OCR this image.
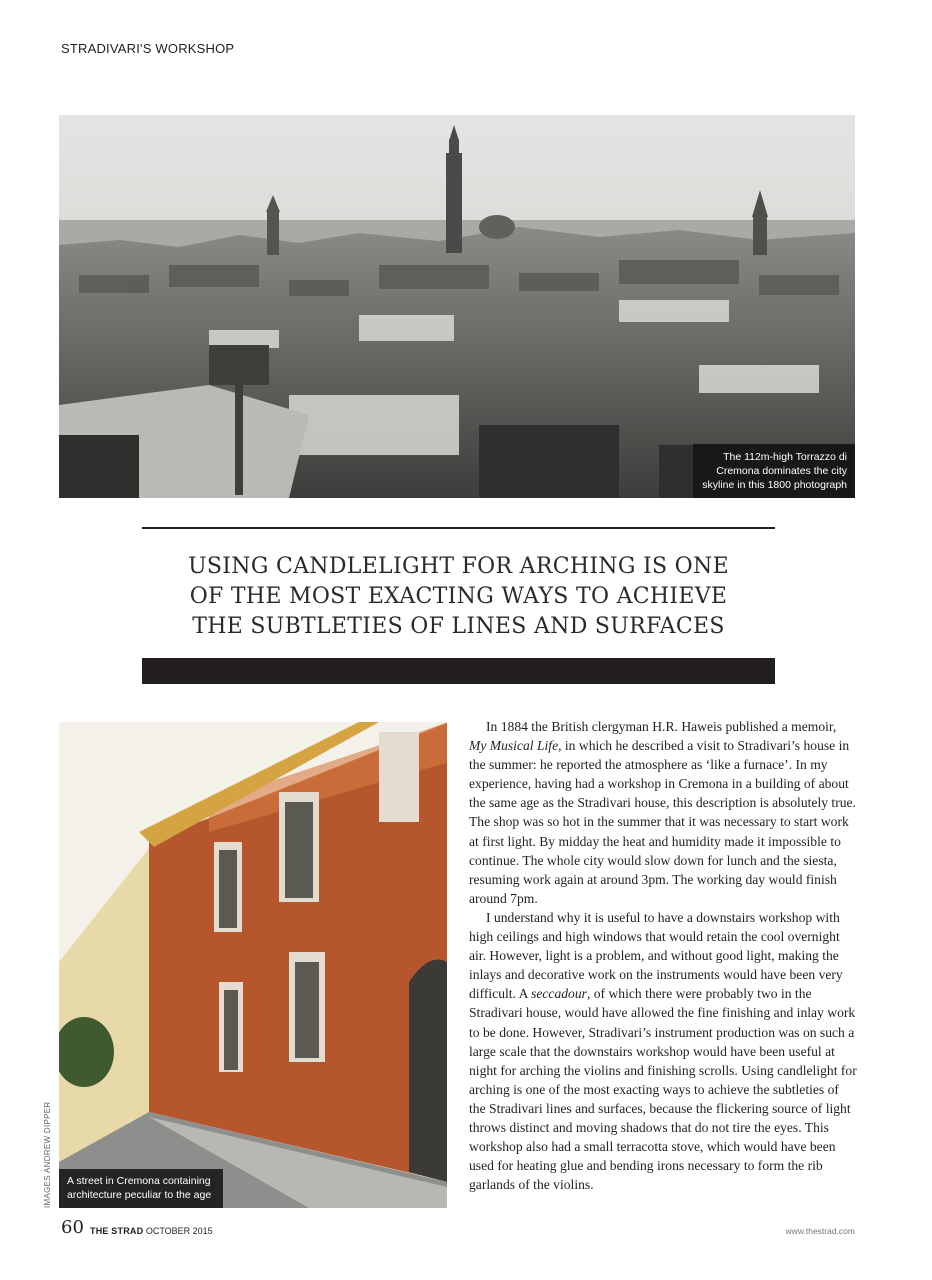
STRADIVARI'S WORKSHOP
The 112m-high Torrazzo di Cremona dominates the city skyline in this 1800 photograph
USING CANDLELIGHT FOR ARCHING IS ONE
OF THE MOST EXACTING WAYS TO ACHIEVE
THE SUBTLETIES OF LINES AND SURFACES
A street in Cremona containing architecture peculiar to the age
IMAGES ANDREW DIPPER

In 1884 the British clergyman H.R. Haweis published a memoir, My Musical Life, in which he described a visit to Stradivari’s house in the summer: he reported the atmosphere as ‘like a furnace’. In my experience, having had a workshop in Cremona in a building of about the same age as the Stradivari house, this description is absolutely true. The shop was so hot in the summer that it was necessary to start work at first light. By midday the heat and humidity made it impossible to continue. The whole city would slow down for lunch and the siesta, resuming work again at around 3pm. The working day would finish around 7pm.

I understand why it is useful to have a downstairs workshop with high ceilings and high windows that would retain the cool overnight air. However, light is a problem, and without good light, making the inlays and decorative work on the instruments would have been very difficult. A seccadour, of which there were probably two in the Stradivari house, would have allowed the fine finishing and inlay work to be done. However, Stradivari’s instrument production was on such a large scale that the downstairs workshop would have been useful at night for arching the violins and finishing scrolls. Using candlelight for arching is one of the most exacting ways to achieve the subtleties of the Stradivari lines and surfaces, because the flickering source of light throws distinct and moving shadows that do not tire the eyes. This workshop also had a small terracotta stove, which would have been used for heating glue and bending irons necessary to form the rib garlands of the violins.

60 THE STRAD OCTOBER 2015	www.thestrad.com
